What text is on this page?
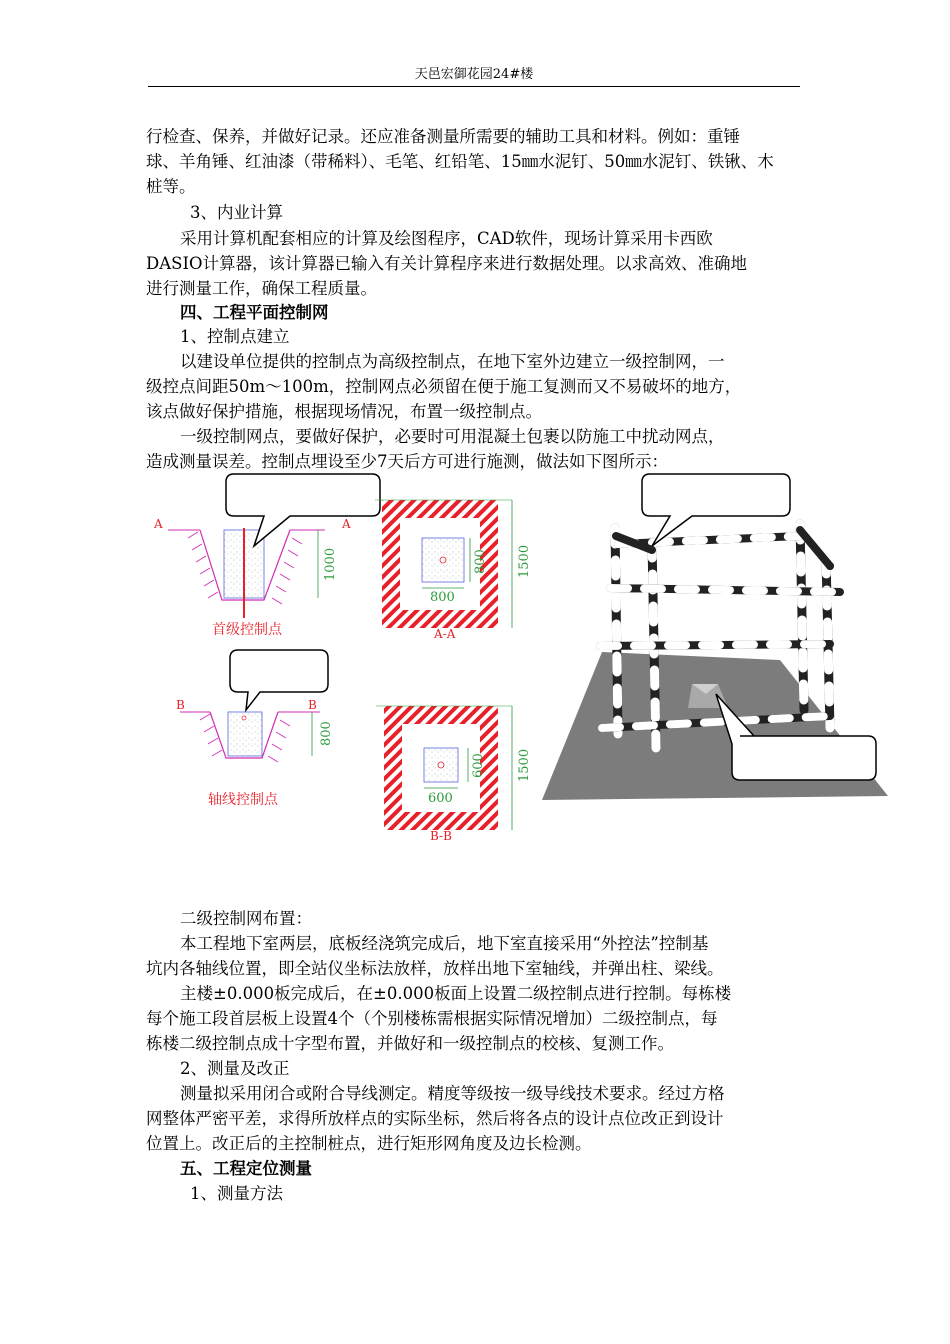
天邑宏御花园24#楼
行检查、保养，并做好记录。还应准备测量所需要的辅助工具和材料。例如：重锤
球、羊角锤、红油漆（带稀料）、毛笔、红铅笔、15㎜水泥钉、50㎜水泥钉、铁锹、木
桩等。
3、内业计算
采用计算机配套相应的计算及绘图程序，CAD软件，现场计算采用卡西欧
DASIO计算器，该计算器已输入有关计算程序来进行数据处理。以求高效、准确地
进行测量工作，确保工程质量。
四、工程平面控制网
1、控制点建立
以建设单位提供的控制点为高级控制点，在地下室外边建立一级控制网，一
级控点间距50m～100m，控制网点必须留在便于施工复测而又不易破坏的地方，
该点做好保护措施，根据现场情况，布置一级控制点。
一级控制网点，要做好保护，必要时可用混凝土包裹以防施工中扰动网点，
造成测量误差。控制点埋设至少7天后方可进行施测，做法如下图所示：
A	A
1000
首级控制点
800
800
1500
A-A
B	B
800
轴线控制点
600
600
1500
B-B
二级控制网布置：
本工程地下室两层，底板经浇筑完成后，地下室直接采用“外控法”控制基
坑内各轴线位置，即全站仪坐标法放样，放样出地下室轴线，并弹出柱、梁线。
主楼±0.000板完成后，在±0.000板面上设置二级控制点进行控制。每栋楼
每个施工段首层板上设置4个（个别楼栋需根据实际情况增加）二级控制点，每
栋楼二级控制点成十字型布置，并做好和一级控制点的校核、复测工作。
2、测量及改正
测量拟采用闭合或附合导线测定。精度等级按一级导线技术要求。经过方格
网整体严密平差，求得所放样点的实际坐标，然后将各点的设计点位改正到设计
位置上。改正后的主控制桩点，进行矩形网角度及边长检测。
五、工程定位测量
1、测量方法
